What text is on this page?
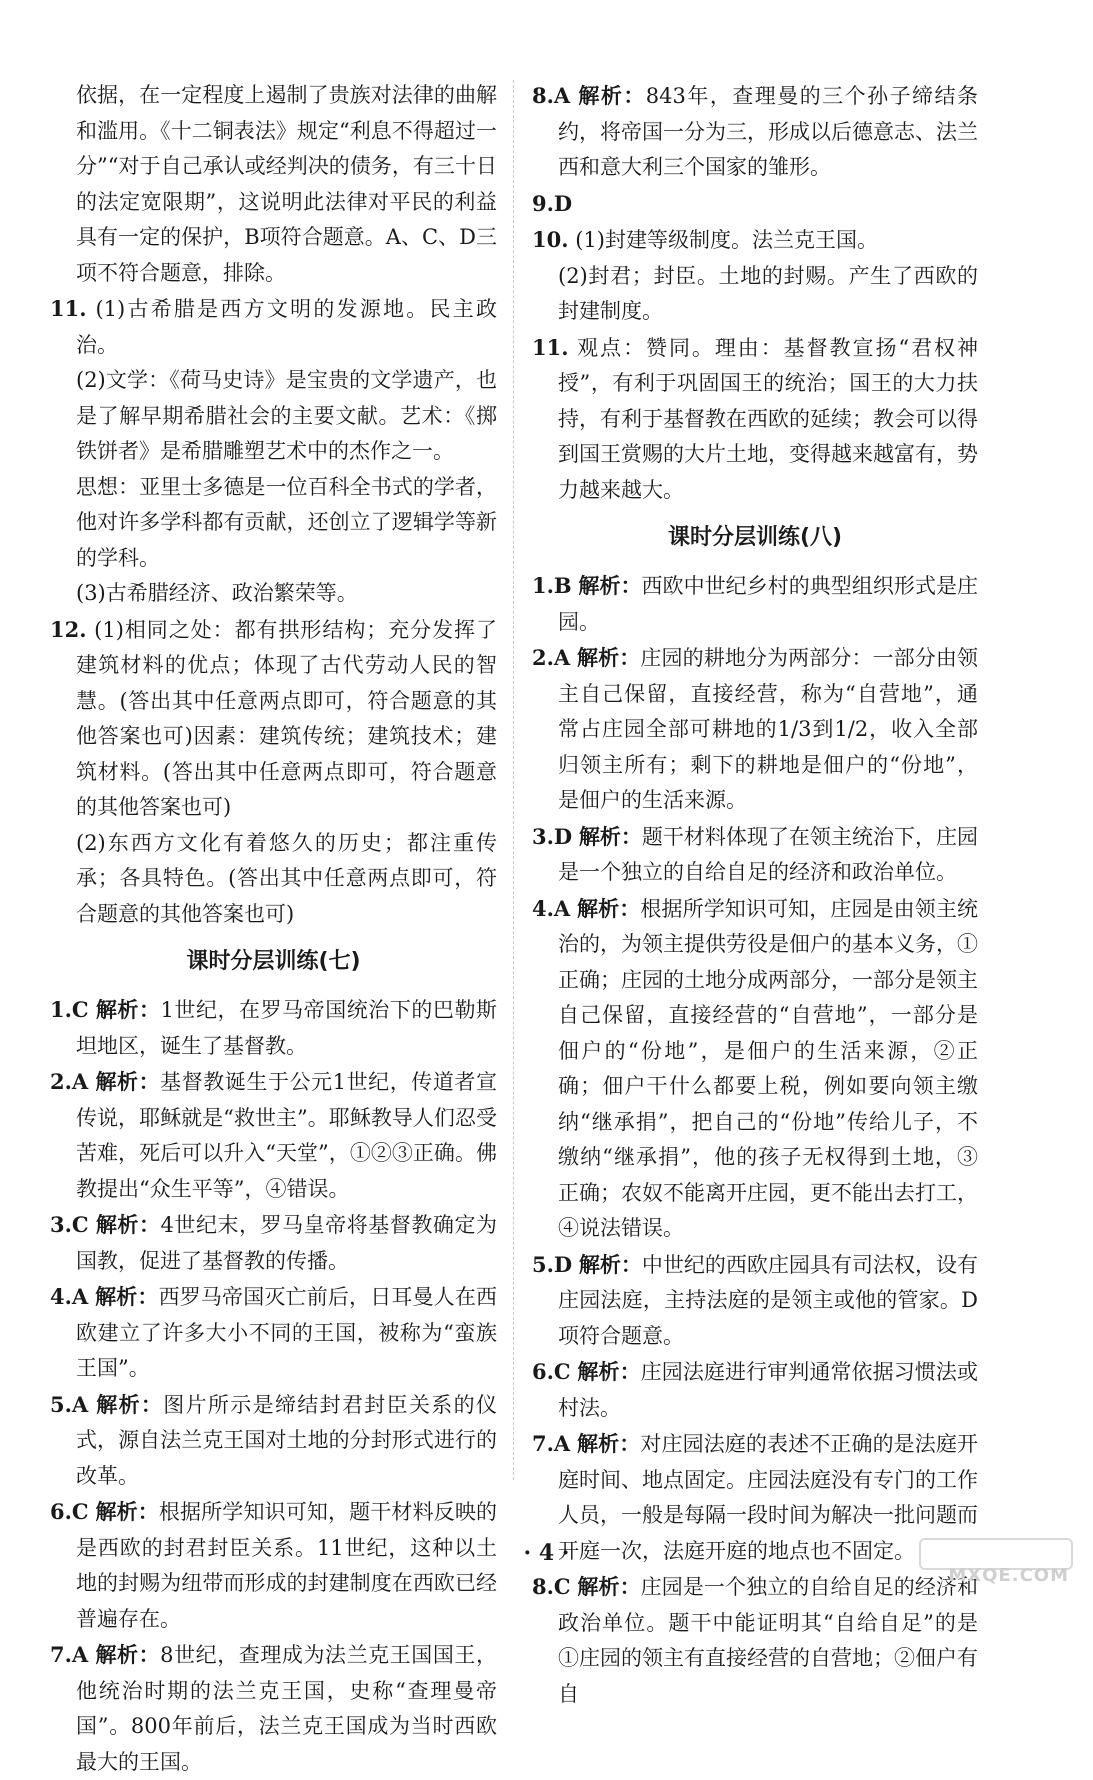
依据，在一定程度上遏制了贵族对法律的曲解和滥用。《十二铜表法》规定“利息不得超过一分”“对于自己承认或经判决的债务，有三十日的法定宽限期”，这说明此法律对平民的利益具有一定的保护，B项符合题意。A、C、D三项不符合题意，排除。

11. (1)古希腊是西方文明的发源地。民主政治。

(2)文学：《荷马史诗》是宝贵的文学遗产，也是了解早期希腊社会的主要文献。艺术：《掷铁饼者》是希腊雕塑艺术中的杰作之一。

思想：亚里士多德是一位百科全书式的学者，他对许多学科都有贡献，还创立了逻辑学等新的学科。

(3)古希腊经济、政治繁荣等。

12. (1)相同之处：都有拱形结构；充分发挥了建筑材料的优点；体现了古代劳动人民的智慧。(答出其中任意两点即可，符合题意的其他答案也可)因素：建筑传统；建筑技术；建筑材料。(答出其中任意两点即可，符合题意的其他答案也可)

(2)东西方文化有着悠久的历史；都注重传承；各具特色。(答出其中任意两点即可，符合题意的其他答案也可)

课时分层训练(七)

1.C 解析：1世纪，在罗马帝国统治下的巴勒斯坦地区，诞生了基督教。

2.A 解析：基督教诞生于公元1世纪，传道者宣传说，耶稣就是“救世主”。耶稣教导人们忍受苦难，死后可以升入“天堂”，①②③正确。佛教提出“众生平等”，④错误。

3.C 解析：4世纪末，罗马皇帝将基督教确定为国教，促进了基督教的传播。

4.A 解析：西罗马帝国灭亡前后，日耳曼人在西欧建立了许多大小不同的王国，被称为“蛮族王国”。

5.A 解析：图片所示是缔结封君封臣关系的仪式，源自法兰克王国对土地的分封形式进行的改革。

6.C 解析：根据所学知识可知，题干材料反映的是西欧的封君封臣关系。11世纪，这种以土地的封赐为纽带而形成的封建制度在西欧已经普遍存在。

7.A 解析：8世纪，查理成为法兰克王国国王，他统治时期的法兰克王国，史称“查理曼帝国”。800年前后，法兰克王国成为当时西欧最大的王国。

8.A 解析：843年，查理曼的三个孙子缔结条约，将帝国一分为三，形成以后德意志、法兰西和意大利三个国家的雏形。

9.D

10. (1)封建等级制度。法兰克王国。

(2)封君；封臣。土地的封赐。产生了西欧的封建制度。

11. 观点：赞同。理由：基督教宣扬“君权神授”，有利于巩固国王的统治；国王的大力扶持，有利于基督教在西欧的延续；教会可以得到国王赏赐的大片土地，变得越来越富有，势力越来越大。

课时分层训练(八)

1.B 解析：西欧中世纪乡村的典型组织形式是庄园。

2.A 解析：庄园的耕地分为两部分：一部分由领主自己保留，直接经营，称为“自营地”，通常占庄园全部可耕地的1/3到1/2，收入全部归领主所有；剩下的耕地是佃户的“份地”，是佃户的生活来源。

3.D 解析：题干材料体现了在领主统治下，庄园是一个独立的自给自足的经济和政治单位。

4.A 解析：根据所学知识可知，庄园是由领主统治的，为领主提供劳役是佃户的基本义务，①正确；庄园的土地分成两部分，一部分是领主自己保留，直接经营的“自营地”，一部分是佃户的“份地”，是佃户的生活来源，②正确；佃户干什么都要上税，例如要向领主缴纳“继承捐”，把自己的“份地”传给儿子，不缴纳“继承捐”，他的孩子无权得到土地，③正确；农奴不能离开庄园，更不能出去打工，④说法错误。

5.D 解析：中世纪的西欧庄园具有司法权，设有庄园法庭，主持法庭的是领主或他的管家。D项符合题意。

6.C 解析：庄园法庭进行审判通常依据习惯法或村法。

7.A 解析：对庄园法庭的表述不正确的是法庭开庭时间、地点固定。庄园法庭没有专门的工作人员，一般是每隔一段时间为解决一批问题而开庭一次，法庭开庭的地点也不固定。

8.C 解析：庄园是一个独立的自给自足的经济和政治单位。题干中能证明其“自给自足”的是①庄园的领主有直接经营的自营地；②佃户有自

· 4 ·
MXQE.COM
